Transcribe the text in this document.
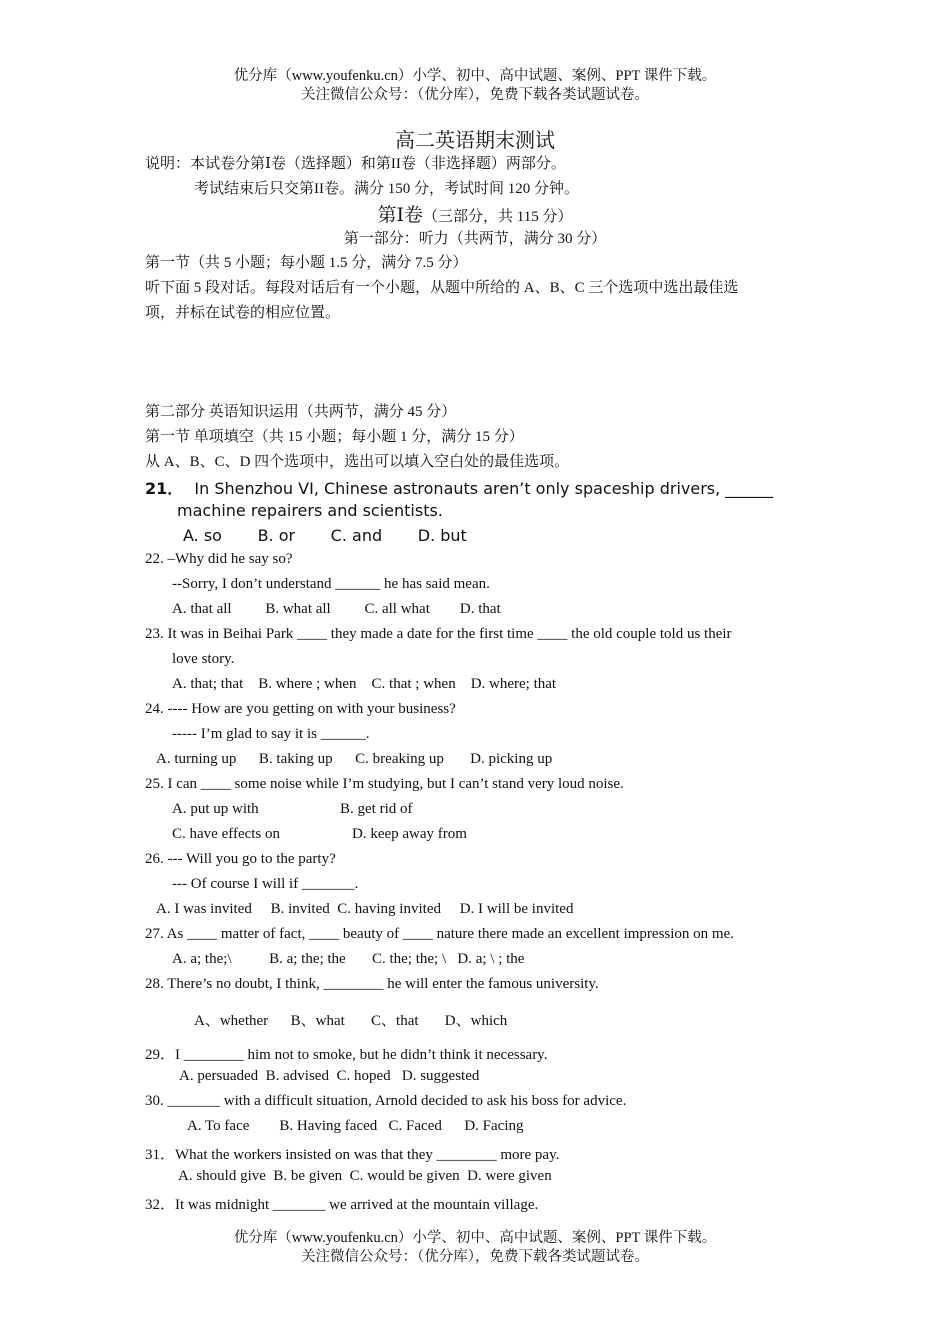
优分库（www.youfenku.cn）小学、初中、高中试题、案例、PPT 课件下载。
关注微信公众号：（优分库），免费下载各类试题试卷。
高二英语期末测试
说明：本试卷分第Ⅰ卷（选择题）和第II卷（非选择题）两部分。
考试结束后只交第II卷。满分 150 分，考试时间 120 分钟。
第Ⅰ卷（三部分，共 115 分）
第一部分：听力（共两节，满分 30 分）
第一节（共 5 小题；每小题 1.5 分，满分 7.5 分）
听下面 5 段对话。每段对话后有一个小题，从题中所给的 A、B、C 三个选项中选出最佳选
项，并标在试卷的相应位置。
第二部分 英语知识运用（共两节，满分 45 分）
第一节 单项填空（共 15 小题；每小题 1 分，满分 15 分）
从 A、B、C、D 四个选项中，选出可以填入空白处的最佳选项。
21． In Shenzhou VI, Chinese astronauts aren’t only spaceship drivers, ______
machine repairers and scientists.
A. so       B. or       C. and       D. but
22. –Why did he say so?
--Sorry, I don’t understand ______ he has said mean.
A. that all         B. what all         C. all what        D. that
23. It was in Beihai Park ____ they made a date for the first time ____ the old couple told us their
love story.
A. that; that    B. where ; when    C. that ; when    D. where; that
24. ---- How are you getting on with your business?
----- I’m glad to say it is ______.
A. turning up      B. taking up      C. breaking up       D. picking up
25. I can ____ some noise while I’m studying, but I can’t stand very loud noise.
A. put up with	B. get rid of
C. have effects on	D. keep away from
26. --- Will you go to the party?
--- Of course I will if _______.
A. I was invited     B. invited  C. having invited     D. I will be invited
27. As ____ matter of fact, ____ beauty of ____ nature there made an excellent impression on me.
A. a; the;\          B. a; the; the       C. the; the; \   D. a; \ ; the
28. There’s no doubt, I think, ________ he will enter the famous university.
A、whether      B、what       C、that       D、which
29．I ________ him not to smoke, but he didn’t think it necessary.
A. persuaded  B. advised  C. hoped   D. suggested
30. _______ with a difficult situation, Arnold decided to ask his boss for advice.
A. To face        B. Having faced   C. Faced      D. Facing
31．What the workers insisted on was that they ________ more pay.
A. should give  B. be given  C. would be given  D. were given
32．It was midnight _______ we arrived at the mountain village.
优分库（www.youfenku.cn）小学、初中、高中试题、案例、PPT 课件下载。
关注微信公众号：（优分库），免费下载各类试题试卷。
